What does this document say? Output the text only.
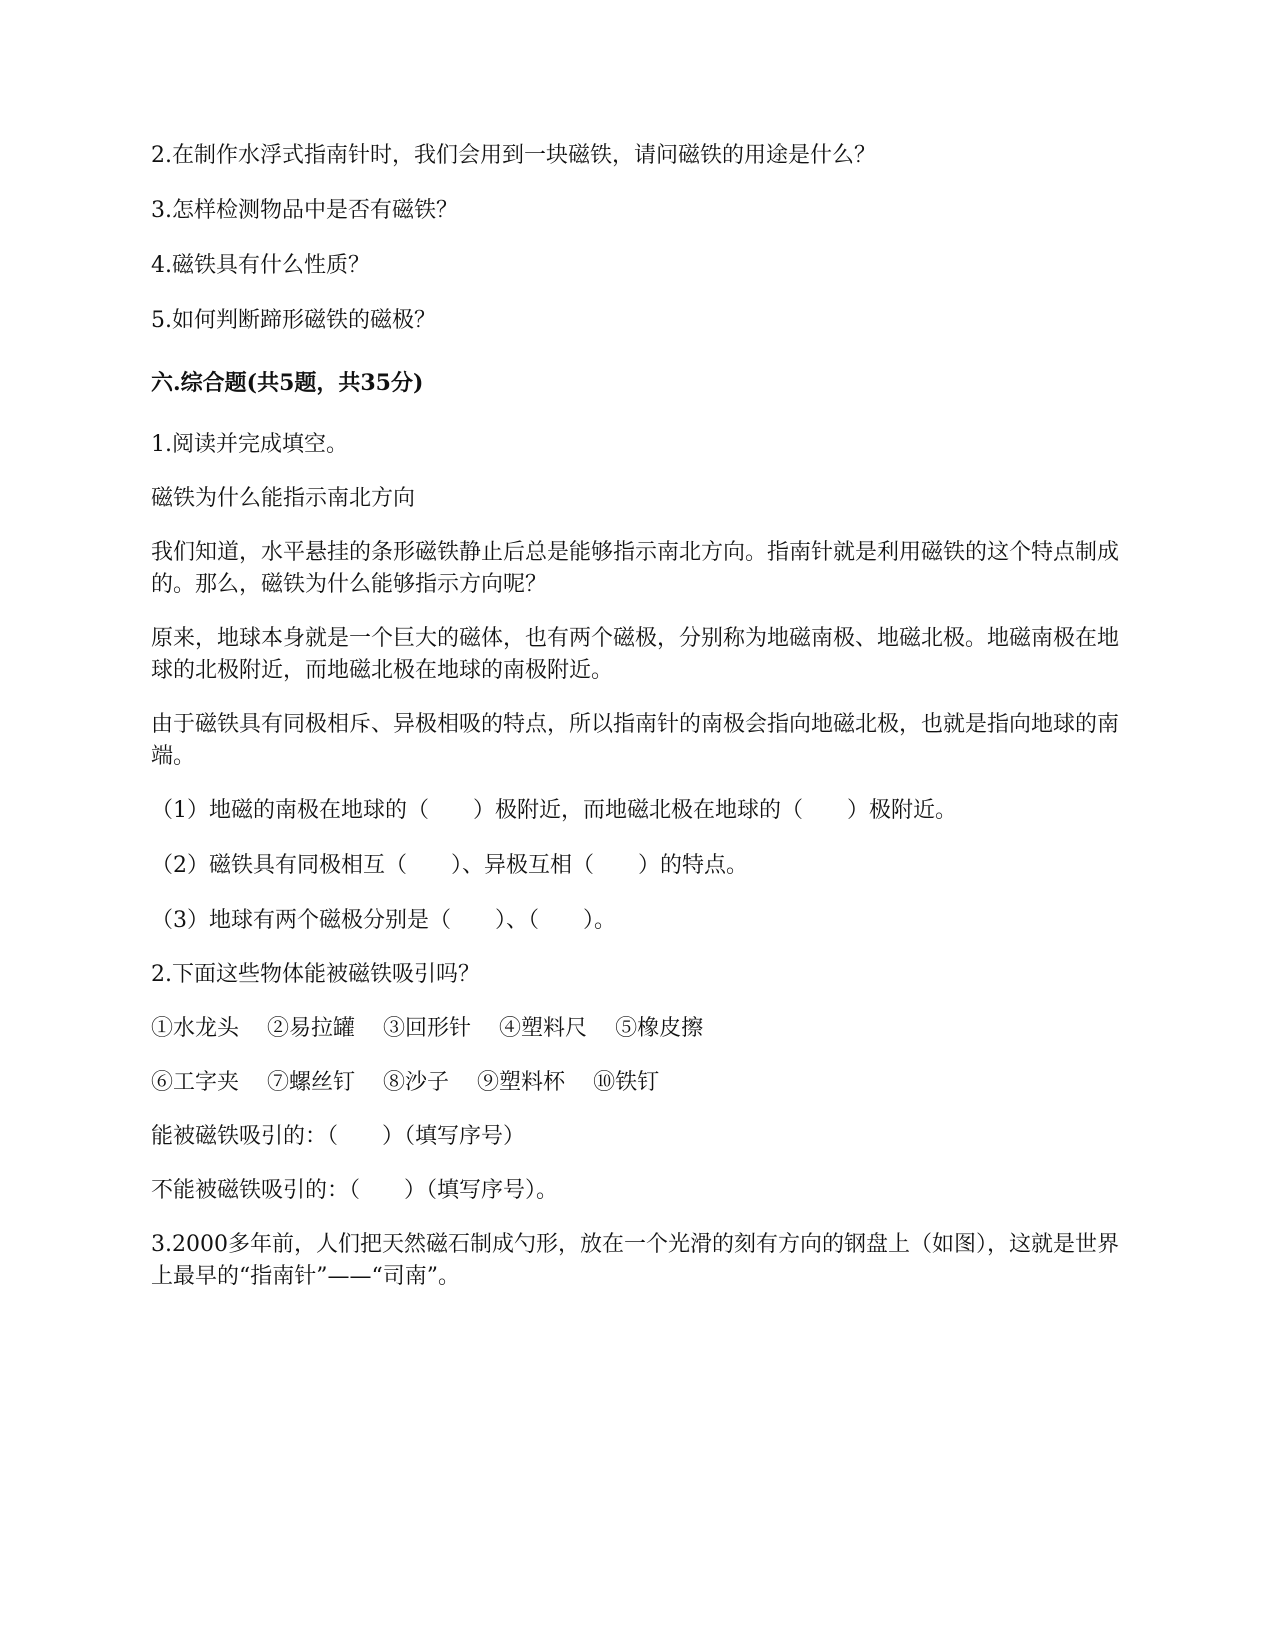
2.在制作水浮式指南针时，我们会用到一块磁铁，请问磁铁的用途是什么？

3.怎样检测物品中是否有磁铁？

4.磁铁具有什么性质？

5.如何判断蹄形磁铁的磁极？

六.综合题(共5题，共35分)

1.阅读并完成填空。

磁铁为什么能指示南北方向

我们知道，水平悬挂的条形磁铁静止后总是能够指示南北方向。指南针就是利用磁铁的这个特点制成的。那么，磁铁为什么能够指示方向呢？

原来，地球本身就是一个巨大的磁体，也有两个磁极，分别称为地磁南极、地磁北极。地磁南极在地球的北极附近，而地磁北极在地球的南极附近。

由于磁铁具有同极相斥、异极相吸的特点，所以指南针的南极会指向地磁北极，也就是指向地球的南端。

（1）地磁的南极在地球的（　　）极附近，而地磁北极在地球的（　　）极附近。

（2）磁铁具有同极相互（　　）、异极互相（　　）的特点。

（3）地球有两个磁极分别是（　　）、（　　）。

2.下面这些物体能被磁铁吸引吗？

①水龙头 ②易拉罐 ③回形针 ④塑料尺 ⑤橡皮擦

⑥工字夹 ⑦螺丝钉 ⑧沙子 ⑨塑料杯 ⑩铁钉

能被磁铁吸引的：（　　）（填写序号）

不能被磁铁吸引的：（　　）（填写序号）。

3.2000多年前，人们把天然磁石制成勺形，放在一个光滑的刻有方向的钢盘上（如图），这就是世界上最早的“指南针”——“司南”。
